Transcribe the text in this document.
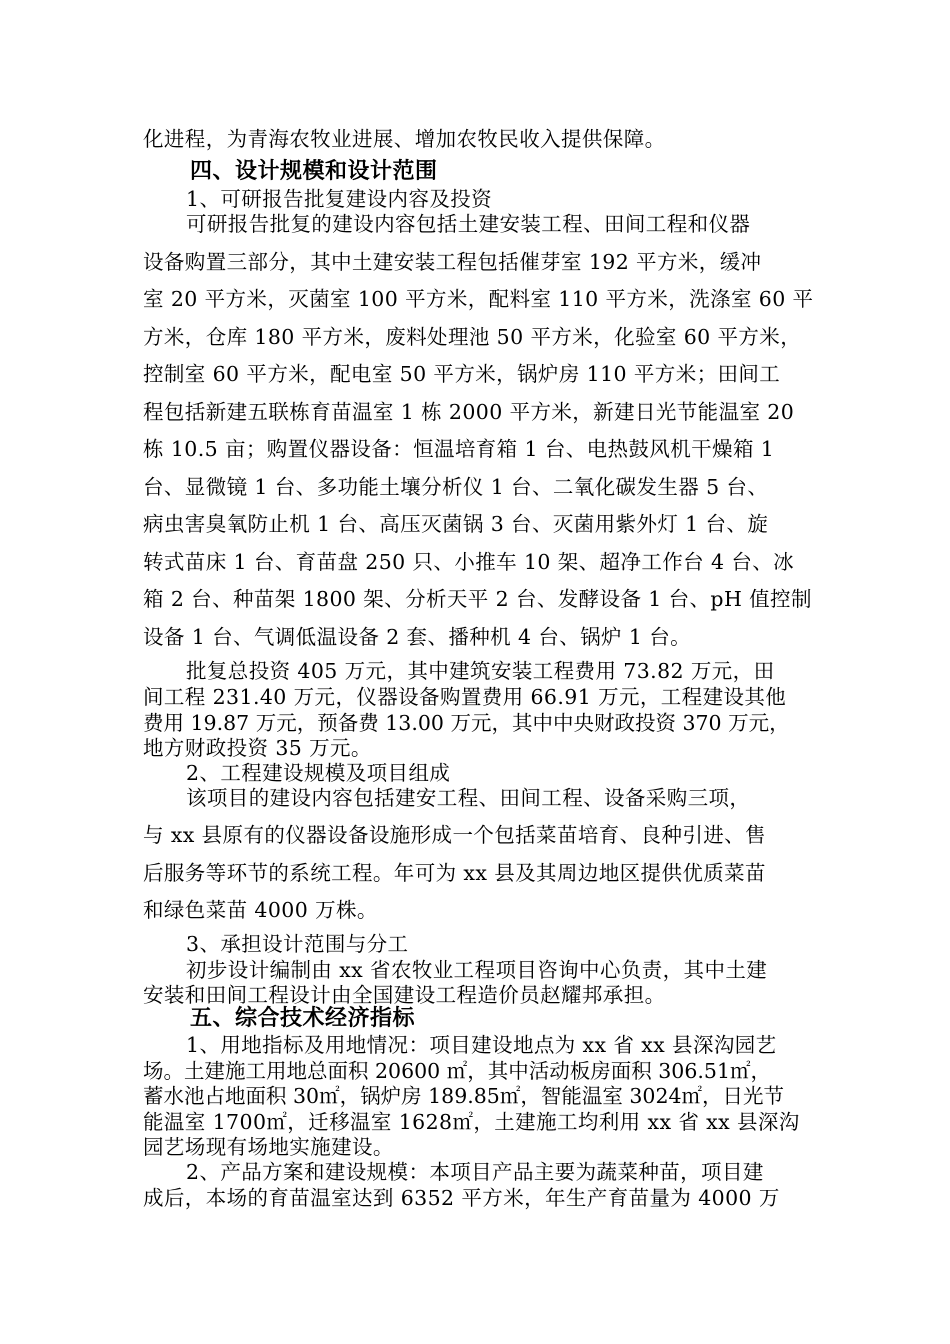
化进程，为青海农牧业进展、增加农牧民收入提供保障。
四、设计规模和设计范围
1、可研报告批复建设内容及投资
可研报告批复的建设内容包括土建安装工程、田间工程和仪器
设备购置三部分，其中土建安装工程包括催芽室 192 平方米，缓冲
室 20 平方米，灭菌室 100 平方米，配料室 110 平方米，洗涤室 60 平
方米，仓库 180 平方米，废料处理池 50 平方米，化验室 60 平方米，
控制室 60 平方米，配电室 50 平方米，锅炉房 110 平方米；田间工
程包括新建五联栋育苗温室 1 栋 2000 平方米，新建日光节能温室 20
栋 10.5 亩；购置仪器设备：恒温培育箱 1 台、电热鼓风机干燥箱 1
台、显微镜 1 台、多功能土壤分析仪 1 台、二氧化碳发生器 5 台、
病虫害臭氧防止机 1 台、高压灭菌锅 3 台、灭菌用紫外灯 1 台、旋
转式苗床 1 台、育苗盘 250 只、小推车 10 架、超净工作台 4 台、冰
箱 2 台、种苗架 1800 架、分析天平 2 台、发酵设备 1 台、pH 值控制
设备 1 台、气调低温设备 2 套、播种机 4 台、锅炉 1 台。
批复总投资 405 万元，其中建筑安装工程费用 73.82 万元，田
间工程 231.40 万元，仪器设备购置费用 66.91 万元，工程建设其他
费用 19.87 万元，预备费 13.00 万元，其中中央财政投资 370 万元，
地方财政投资 35 万元。
2、工程建设规模及项目组成
该项目的建设内容包括建安工程、田间工程、设备采购三项，
与 xx 县原有的仪器设备设施形成一个包括菜苗培育、良种引进、售
后服务等环节的系统工程。年可为 xx 县及其周边地区提供优质菜苗
和绿色菜苗 4000 万株。
3、承担设计范围与分工
初步设计编制由 xx 省农牧业工程项目咨询中心负责，其中土建
安装和田间工程设计由全国建设工程造价员赵耀邦承担。
五、综合技术经济指标
1、用地指标及用地情况：项目建设地点为 xx 省 xx 县深沟园艺
场。土建施工用地总面积 20600 ㎡，其中活动板房面积 306.51㎡，
蓄水池占地面积 30㎡，锅炉房 189.85㎡，智能温室 3024㎡，日光节
能温室 1700㎡，迁移温室 1628㎡，土建施工均利用 xx 省 xx 县深沟
园艺场现有场地实施建设。
2、产品方案和建设规模：本项目产品主要为蔬菜种苗，项目建
成后，本场的育苗温室达到 6352 平方米，年生产育苗量为 4000 万
